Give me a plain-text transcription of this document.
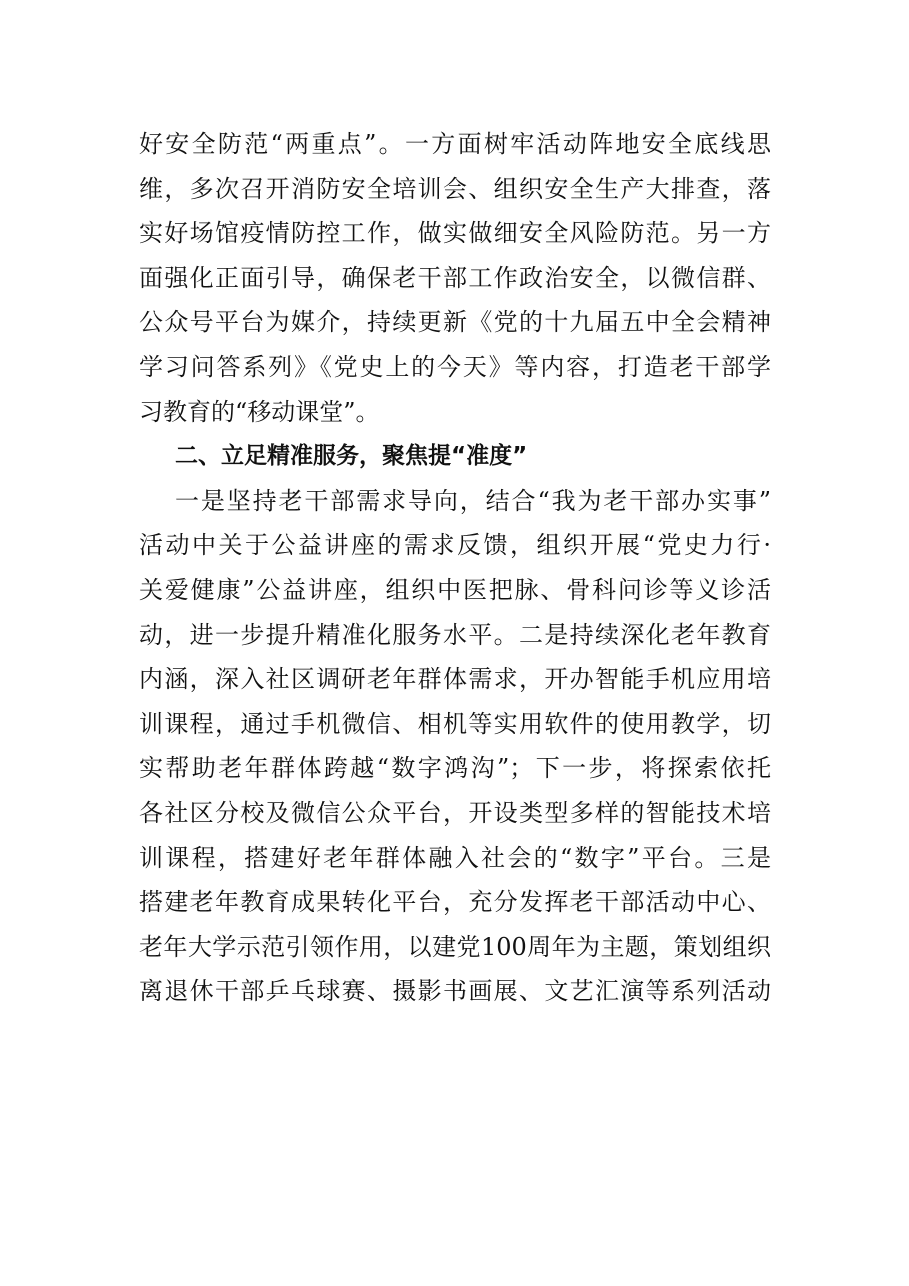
好安全防范“两重点”。一方面树牢活动阵地安全底线思
维，多次召开消防安全培训会、组织安全生产大排查，落
实好场馆疫情防控工作，做实做细安全风险防范。另一方
面强化正面引导，确保老干部工作政治安全，以微信群、
公众号平台为媒介，持续更新《党的十九届五中全会精神
学习问答系列》《党史上的今天》等内容，打造老干部学
习教育的“移动课堂”。
二、立足精准服务，聚焦提“准度”
一是坚持老干部需求导向，结合“我为老干部办实事”
活动中关于公益讲座的需求反馈，组织开展“党史力行·
关爱健康”公益讲座，组织中医把脉、骨科问诊等义诊活
动，进一步提升精准化服务水平。二是持续深化老年教育
内涵，深入社区调研老年群体需求，开办智能手机应用培
训课程，通过手机微信、相机等实用软件的使用教学，切
实帮助老年群体跨越“数字鸿沟”；下一步，将探索依托
各社区分校及微信公众平台，开设类型多样的智能技术培
训课程，搭建好老年群体融入社会的“数字”平台。三是
搭建老年教育成果转化平台，充分发挥老干部活动中心、
老年大学示范引领作用，以建党100周年为主题，策划组织
离退休干部乒乓球赛、摄影书画展、文艺汇演等系列活动
